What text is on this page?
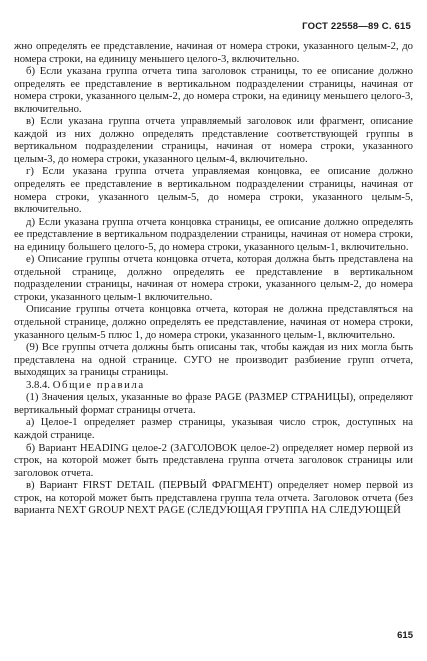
ГОСТ 22558—89 С. 615

жно определять ее представление, начиная от номера строки, указанного целым-2, до номера строки, на единицу меньшего целого-3, включительно.

б) Если указана группа отчета типа заголовок страницы, то ее описание должно определять ее представление в вертикальном подразделении страницы, начиная от номера строки, указанного целым-2, до номера строки, на единицу меньшего целого-3, включительно.

в) Если указана группа отчета управляемый заголовок или фрагмент, описание каждой из них должно определять представление соответствующей группы в вертикальном подразделении страницы, начиная от номера строки, указанного целым-3, до номера строки, указанного целым-4, включительно.

г) Если указана группа отчета управляемая концовка, ее описание должно определять ее представление в вертикальном подразделении страницы, начиная от номера строки, указанного целым-5, до номера строки, указанного целым-5, включительно.

д) Если указана группа отчета концовка страницы, ее описание должно определять ее представление в вертикальном подразделении страницы, начиная от номера строки, на единицу большего целого-5, до номера строки, указанного целым-1, включительно.

е) Описание группы отчета концовка отчета, которая должна быть представлена на отдельной странице, должно определять ее представление в вертикальном подразделении страницы, начиная от номера строки, указанного целым-2, до номера строки, указанного целым-1 включительно.

Описание группы отчета концовка отчета, которая не должна представляться на отдельной странице, должно определять ее представление, начиная от номера строки, указанного целым-5 плюс 1, до номера строки, указанного целым-1, включительно.

(9) Все группы отчета должны быть описаны так, чтобы каждая из них могла быть представлена на одной странице. СУГО не производит разбиение групп отчета, выходящих за границы страницы.

3.8.4. Общие правила

(1) Значения целых, указанные во фразе PAGE (РАЗМЕР СТРАНИЦЫ), определяют вертикальный формат страницы отчета.

а) Целое-1 определяет размер страницы, указывая число строк, доступных на каждой странице.

б) Вариант HEADING целое-2 (ЗАГОЛОВОК целое-2) определяет номер первой из строк, на которой может быть представлена группа отчета заголовок страницы или заголовок отчета.

в) Вариант FIRST DETAIL (ПЕРВЫЙ ФРАГМЕНТ) определяет номер первой из строк, на которой может быть представлена группа тела отчета. Заголовок отчета (без варианта NEXT GROUP NEXT PAGE (СЛЕДУЮЩАЯ ГРУППА НА СЛЕДУЮЩЕЙ

615
